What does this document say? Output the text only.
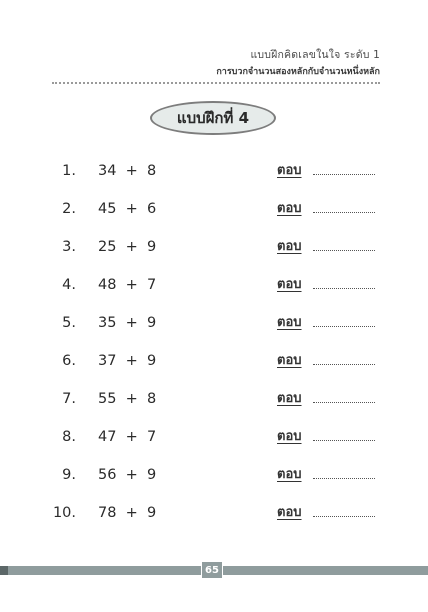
แบบฝึกคิดเลขในใจ ระดับ 1
การบวกจำนวนสองหลักกับจำนวนหนึ่งหลัก
แบบฝึกที่ 4
1. 34  +  8	ตอบ
2. 45  +  6	ตอบ
3. 25  +  9	ตอบ
4. 48  +  7	ตอบ
5. 35  +  9	ตอบ
6. 37  +  9	ตอบ
7. 55  +  8	ตอบ
8. 47  +  7	ตอบ
9. 56  +  9	ตอบ
10. 78  +  9	ตอบ
65
